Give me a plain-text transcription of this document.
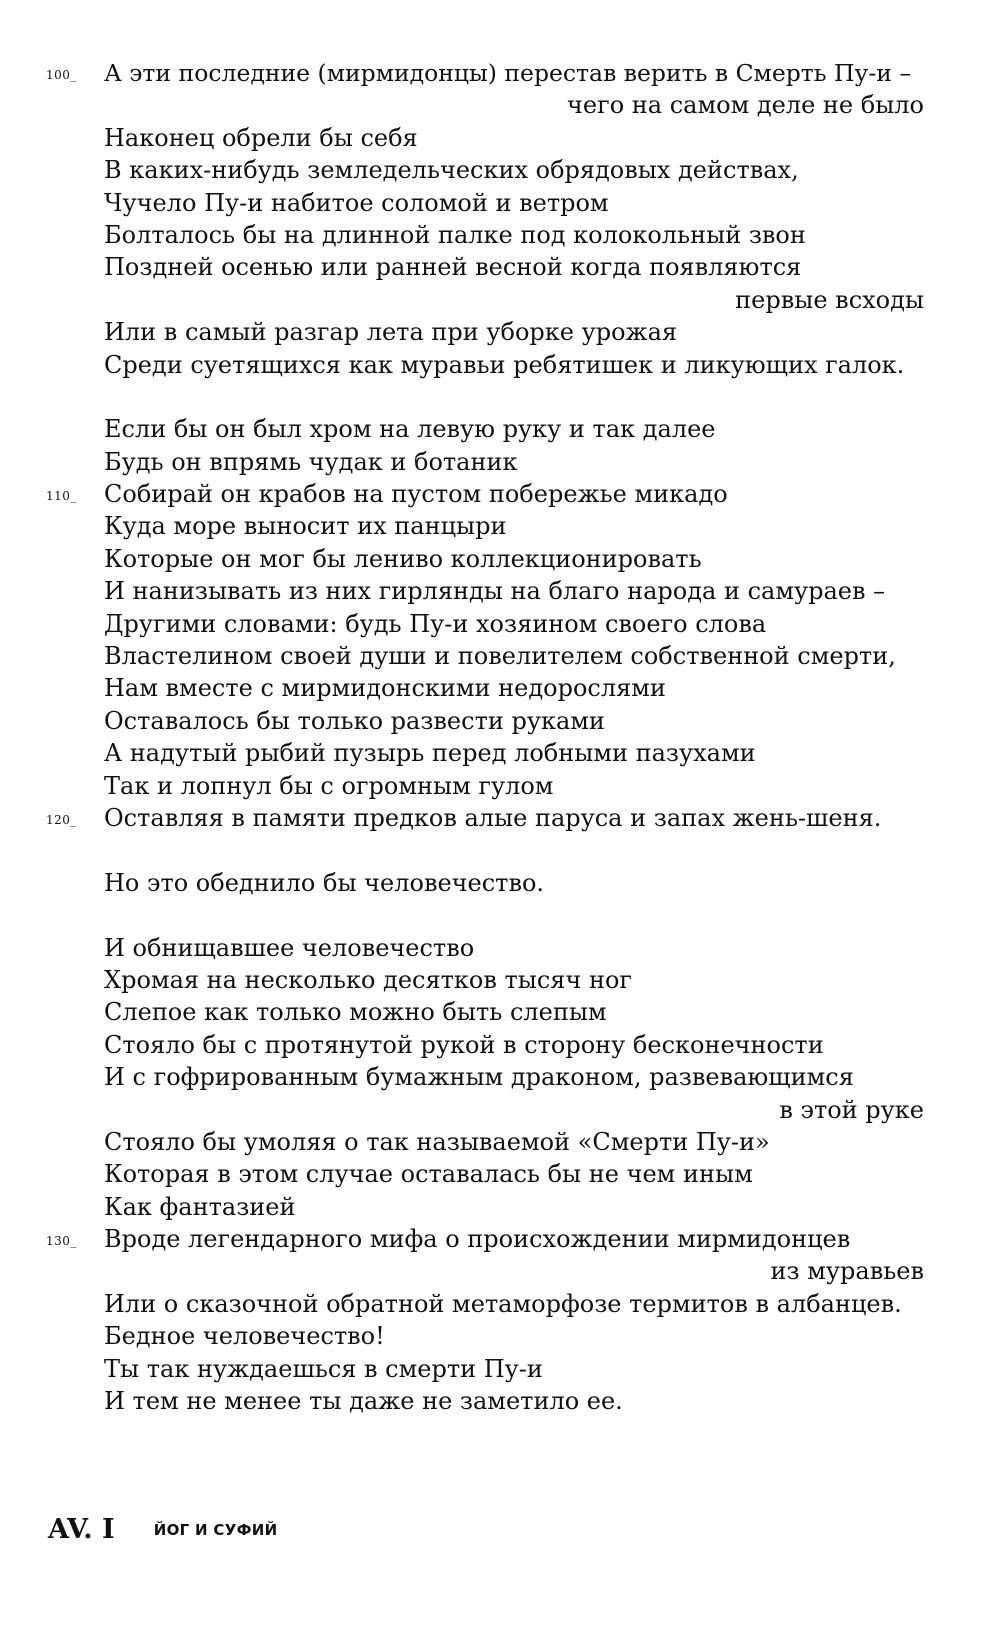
100_ А эти последние (мирмидонцы) перестав верить в Смерть Пу-и –
чего на самом деле не было
Наконец обрели бы себя
В каких-нибудь земледельческих обрядовых действах,
Чучело Пу-и набитое соломой и ветром
Болталось бы на длинной палке под колокольный звон
Поздней осенью или ранней весной когда появляются
первые всходы
Или в самый разгар лета при уборке урожая
Среди суетящихся как муравьи ребятишек и ликующих галок.
Если бы он был хром на левую руку и так далее
Будь он впрямь чудак и ботаник
110_ Собирай он крабов на пустом побережье микадо
Куда море выносит их панцыри
Которые он мог бы лениво коллекционировать
И нанизывать из них гирлянды на благо народа и самураев –
Другими словами: будь Пу-и хозяином своего слова
Властелином своей души и повелителем собственной смерти,
Нам вместе с мирмидонскими недорослями
Оставалось бы только развести руками
А надутый рыбий пузырь перед лобными пазухами
Так и лопнул бы с огромным гулом
120_ Оставляя в памяти предков алые паруса и запах жень-шеня.
Но это обеднило бы человечество.
И обнищавшее человечество
Хромая на несколько десятков тысяч ног
Слепое как только можно быть слепым
Стояло бы с протянутой рукой в сторону бесконечности
И с гофрированным бумажным драконом, развевающимся
в этой руке
Стояло бы умоляя о так называемой «Смерти Пу-и»
Которая в этом случае оставалась бы не чем иным
Как фантазией
130_ Вроде легендарного мифа о происхождении мирмидонцев
из муравьев
Или о сказочной обратной метаморфозе термитов в албанцев.
Бедное человечество!
Ты так нуждаешься в смерти Пу-и
И тем не менее ты даже не заметило ее.
AV. I	ЙОГ И СУФИЙ
